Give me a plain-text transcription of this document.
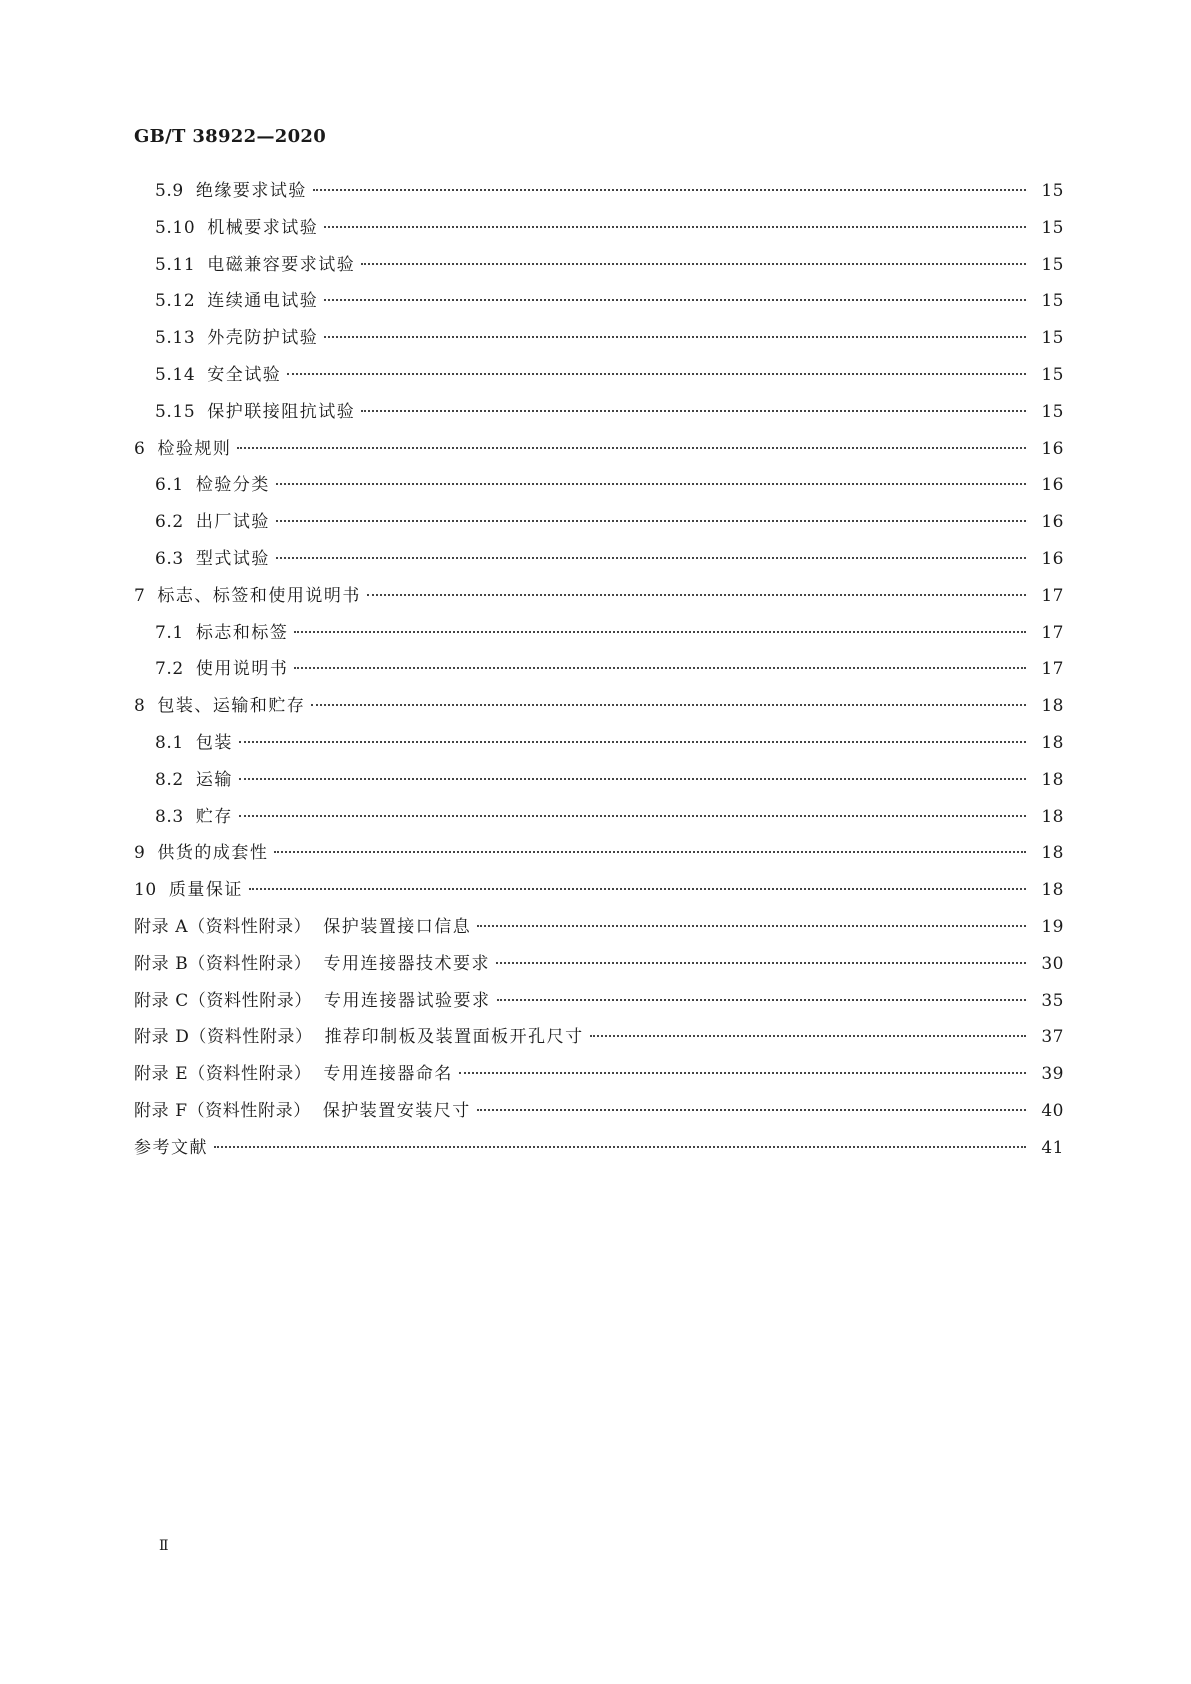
GB/T 38922—2020
5.9 绝缘要求试验	15
5.10 机械要求试验	15
5.11 电磁兼容要求试验	15
5.12 连续通电试验	15
5.13 外壳防护试验	15
5.14 安全试验	15
5.15 保护联接阻抗试验	15
6 检验规则	16
6.1 检验分类	16
6.2 出厂试验	16
6.3 型式试验	16
7 标志、标签和使用说明书	17
7.1 标志和标签	17
7.2 使用说明书	17
8 包装、运输和贮存	18
8.1 包装	18
8.2 运输	18
8.3 贮存	18
9 供货的成套性	18
10 质量保证	18
附录 A（资料性附录） 保护装置接口信息	19
附录 B（资料性附录） 专用连接器技术要求	30
附录 C（资料性附录） 专用连接器试验要求	35
附录 D（资料性附录） 推荐印制板及装置面板开孔尺寸	37
附录 E（资料性附录） 专用连接器命名	39
附录 F（资料性附录） 保护装置安装尺寸	40
参考文献	41
Ⅱ
